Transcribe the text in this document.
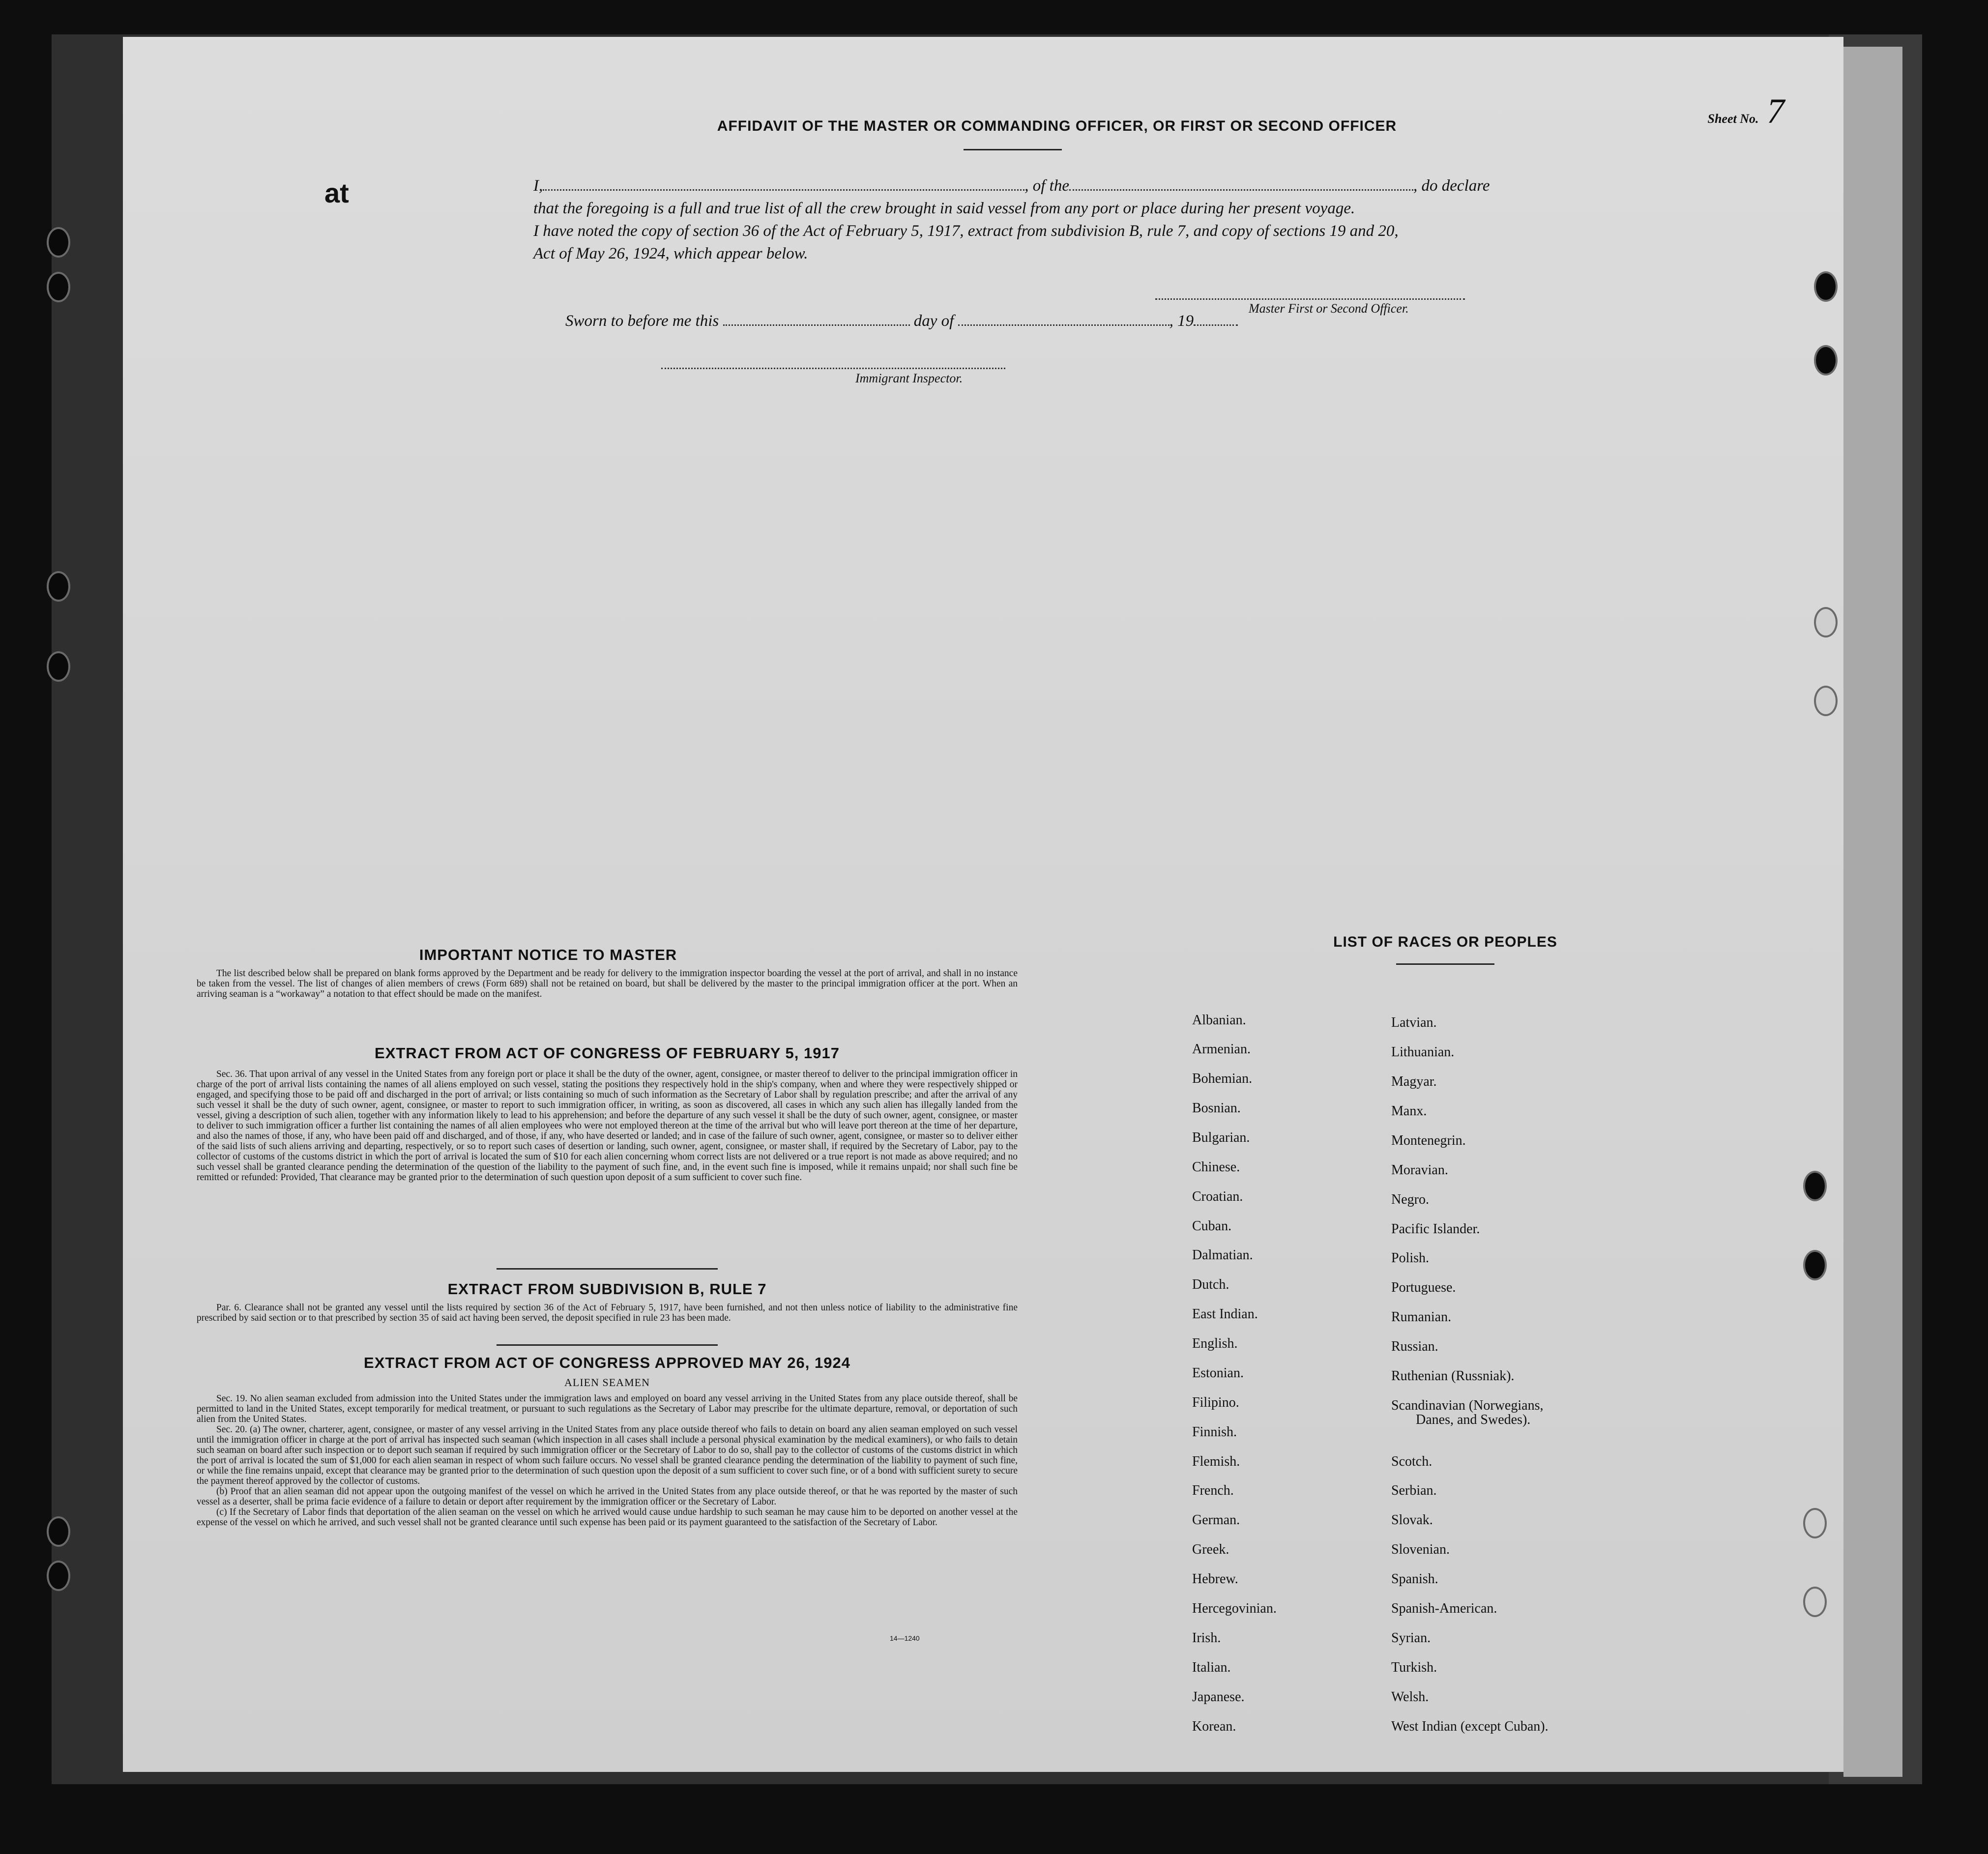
Sheet No. 7
at
AFFIDAVIT OF THE MASTER OR COMMANDING OFFICER, OR FIRST OR SECOND OFFICER
I,	, of the	, do declare
that the foregoing is a full and true list of all the crew brought in said vessel from any port or place during her present voyage.
I have noted the copy of section 36 of the Act of February 5, 1917, extract from subdivision B, rule 7, and copy of sections 19 and 20,
Act of May 26, 1924, which appear below.
Master First or Second Officer.
Sworn to before me this	day of	, 19
Immigrant Inspector.
IMPORTANT NOTICE TO MASTER
The list described below shall be prepared on blank forms approved by the Department and be ready for delivery to the immigration inspector boarding the vessel at the port of arrival, and shall in no instance be taken from the vessel. The list of changes of alien members of crews (Form 689) shall not be retained on board, but shall be delivered by the master to the principal immigration officer at the port. When an arriving seaman is a “workaway” a notation to that effect should be made on the manifest.
EXTRACT FROM ACT OF CONGRESS OF FEBRUARY 5, 1917
Sec. 36. That upon arrival of any vessel in the United States from any foreign port or place it shall be the duty of the owner, agent, consignee, or master thereof to deliver to the principal immigration officer in charge of the port of arrival lists containing the names of all aliens employed on such vessel, stating the positions they respectively hold in the ship's company, when and where they were respectively shipped or engaged, and specifying those to be paid off and discharged in the port of arrival; or lists containing so much of such information as the Secretary of Labor shall by regulation prescribe; and after the arrival of any such vessel it shall be the duty of such owner, agent, consignee, or master to report to such immigration officer, in writing, as soon as discovered, all cases in which any such alien has illegally landed from the vessel, giving a description of such alien, together with any information likely to lead to his apprehension; and before the departure of any such vessel it shall be the duty of such owner, agent, consignee, or master to deliver to such immigration officer a further list containing the names of all alien employees who were not employed thereon at the time of the arrival but who will leave port thereon at the time of her departure, and also the names of those, if any, who have been paid off and discharged, and of those, if any, who have deserted or landed; and in case of the failure of such owner, agent, consignee, or master so to deliver either of the said lists of such aliens arriving and departing, respectively, or so to report such cases of desertion or landing, such owner, agent, consignee, or master shall, if required by the Secretary of Labor, pay to the collector of customs of the customs district in which the port of arrival is located the sum of $10 for each alien concerning whom correct lists are not delivered or a true report is not made as above required; and no such vessel shall be granted clearance pending the determination of the question of the liability to the payment of such fine, and, in the event such fine is imposed, while it remains unpaid; nor shall such fine be remitted or refunded: Provided, That clearance may be granted prior to the determination of such question upon deposit of a sum sufficient to cover such fine.
EXTRACT FROM SUBDIVISION B, RULE 7
Par. 6. Clearance shall not be granted any vessel until the lists required by section 36 of the Act of February 5, 1917, have been furnished, and not then unless notice of liability to the administrative fine prescribed by said section or to that prescribed by section 35 of said act having been served, the deposit specified in rule 23 has been made.
EXTRACT FROM ACT OF CONGRESS APPROVED MAY 26, 1924
ALIEN SEAMEN
Sec. 19. No alien seaman excluded from admission into the United States under the immigration laws and employed on board any vessel arriving in the United States from any place outside thereof, shall be permitted to land in the United States, except temporarily for medical treatment, or pursuant to such regulations as the Secretary of Labor may prescribe for the ultimate departure, removal, or deportation of such alien from the United States.
Sec. 20. (a) The owner, charterer, agent, consignee, or master of any vessel arriving in the United States from any place outside thereof who fails to detain on board any alien seaman employed on such vessel until the immigration officer in charge at the port of arrival has inspected such seaman (which inspection in all cases shall include a personal physical examination by the medical examiners), or who fails to detain such seaman on board after such inspection or to deport such seaman if required by such immigration officer or the Secretary of Labor to do so, shall pay to the collector of customs of the customs district in which the port of arrival is located the sum of $1,000 for each alien seaman in respect of whom such failure occurs. No vessel shall be granted clearance pending the determination of the liability to payment of such fine, or while the fine remains unpaid, except that clearance may be granted prior to the determination of such question upon the deposit of a sum sufficient to cover such fine, or of a bond with sufficient surety to secure the payment thereof approved by the collector of customs.
(b) Proof that an alien seaman did not appear upon the outgoing manifest of the vessel on which he arrived in the United States from any place outside thereof, or that he was reported by the master of such vessel as a deserter, shall be prima facie evidence of a failure to detain or deport after requirement by the immigration officer or the Secretary of Labor.
(c) If the Secretary of Labor finds that deportation of the alien seaman on the vessel on which he arrived would cause undue hardship to such seaman he may cause him to be deported on another vessel at the expense of the vessel on which he arrived, and such vessel shall not be granted clearance until such expense has been paid or its payment guaranteed to the satisfaction of the Secretary of Labor.
14—1240
LIST OF RACES OR PEOPLES
Albanian.
Armenian.
Bohemian.
Bosnian.
Bulgarian.
Chinese.
Croatian.
Cuban.
Dalmatian.
Dutch.
East Indian.
English.
Estonian.
Filipino.
Finnish.
Flemish.
French.
German.
Greek.
Hebrew.
Hercegovinian.
Irish.
Italian.
Japanese.
Korean.
Latvian.
Lithuanian.
Magyar.
Manx.
Montenegrin.
Moravian.
Negro.
Pacific Islander.
Polish.
Portuguese.
Rumanian.
Russian.
Ruthenian (Russniak).
Scandinavian (Norwegians,
Danes, and Swedes).
Scotch.
Serbian.
Slovak.
Slovenian.
Spanish.
Spanish-American.
Syrian.
Turkish.
Welsh.
West Indian (except Cuban).
